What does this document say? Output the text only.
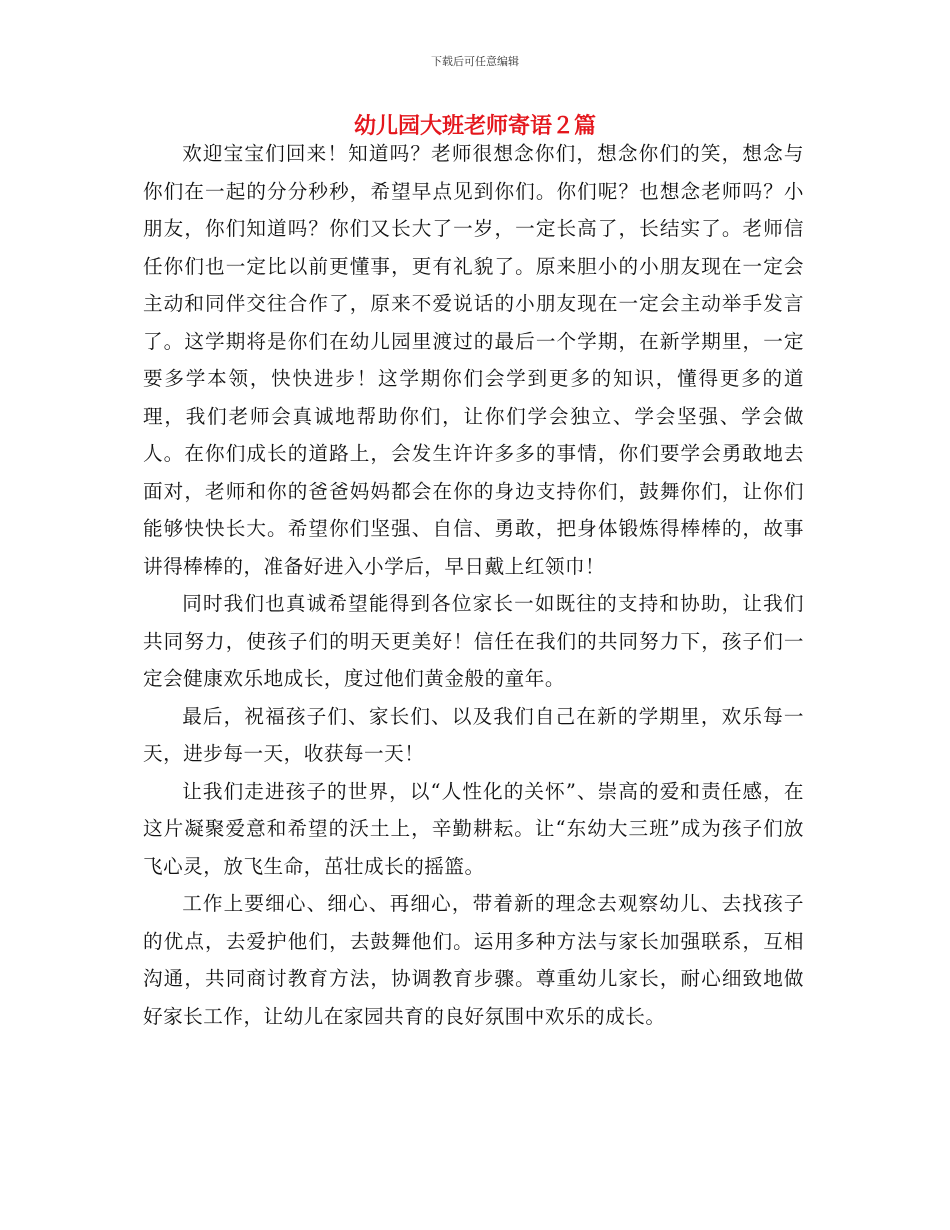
下载后可任意编辑
幼儿园大班老师寄语２篇

欢迎宝宝们回来！知道吗？老师很想念你们，想念你们的笑，想念与你们在一起的分分秒秒，希望早点见到你们。你们呢？也想念老师吗？小朋友，你们知道吗？你们又长大了一岁，一定长高了，长结实了。老师信任你们也一定比以前更懂事，更有礼貌了。原来胆小的小朋友现在一定会主动和同伴交往合作了，原来不爱说话的小朋友现在一定会主动举手发言了。这学期将是你们在幼儿园里渡过的最后一个学期，在新学期里，一定要多学本领，快快进步！这学期你们会学到更多的知识，懂得更多的道理，我们老师会真诚地帮助你们，让你们学会独立、学会坚强、学会做人。在你们成长的道路上，会发生许许多多的事情，你们要学会勇敢地去面对，老师和你的爸爸妈妈都会在你的身边支持你们，鼓舞你们，让你们能够快快长大。希望你们坚强、自信、勇敢，把身体锻炼得棒棒的，故事讲得棒棒的，准备好进入小学后，早日戴上红领巾！

同时我们也真诚希望能得到各位家长一如既往的支持和协助，让我们共同努力，使孩子们的明天更美好！信任在我们的共同努力下，孩子们一定会健康欢乐地成长，度过他们黄金般的童年。

最后，祝福孩子们、家长们、以及我们自己在新的学期里，欢乐每一天，进步每一天，收获每一天！

让我们走进孩子的世界，以“人性化的关怀”、崇高的爱和责任感，在这片凝聚爱意和希望的沃土上，辛勤耕耘。让“东幼大三班”成为孩子们放飞心灵，放飞生命，茁壮成长的摇篮。

工作上要细心、细心、再细心，带着新的理念去观察幼儿、去找孩子的优点，去爱护他们，去鼓舞他们。运用多种方法与家长加强联系，互相沟通，共同商讨教育方法，协调教育步骤。尊重幼儿家长，耐心细致地做好家长工作，让幼儿在家园共育的良好氛围中欢乐的成长。
